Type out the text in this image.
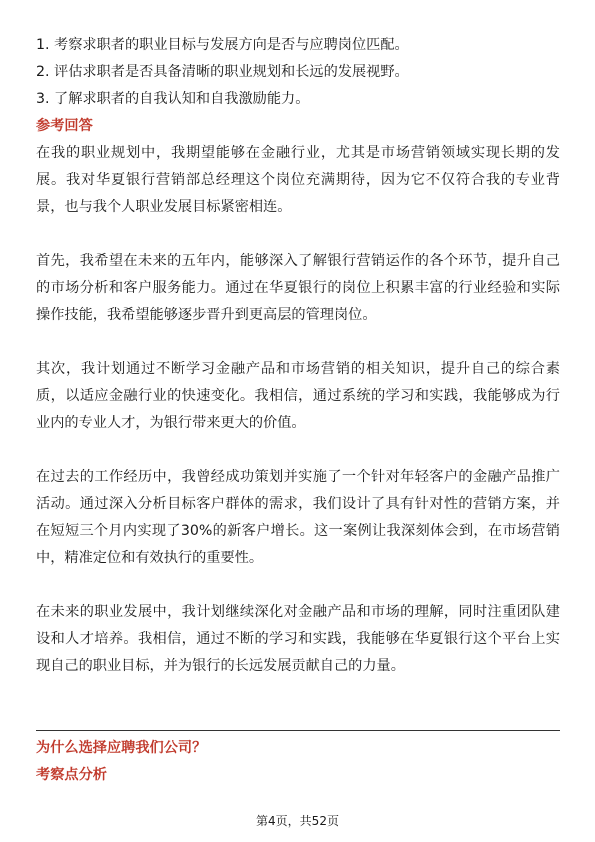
1. 考察求职者的职业目标与发展方向是否与应聘岗位匹配。
2. 评估求职者是否具备清晰的职业规划和长远的发展视野。
3. 了解求职者的自我认知和自我激励能力。
参考回答

在我的职业规划中，我期望能够在金融行业，尤其是市场营销领域实现长期的发展。我对华夏银行营销部总经理这个岗位充满期待，因为它不仅符合我的专业背景，也与我个人职业发展目标紧密相连。

首先，我希望在未来的五年内，能够深入了解银行营销运作的各个环节，提升自己的市场分析和客户服务能力。通过在华夏银行的岗位上积累丰富的行业经验和实际操作技能，我希望能够逐步晋升到更高层的管理岗位。

其次，我计划通过不断学习金融产品和市场营销的相关知识，提升自己的综合素质，以适应金融行业的快速变化。我相信，通过系统的学习和实践，我能够成为行业内的专业人才，为银行带来更大的价值。

在过去的工作经历中，我曾经成功策划并实施了一个针对年轻客户的金融产品推广活动。通过深入分析目标客户群体的需求，我们设计了具有针对性的营销方案，并在短短三个月内实现了30%的新客户增长。这一案例让我深刻体会到，在市场营销中，精准定位和有效执行的重要性。

在未来的职业发展中，我计划继续深化对金融产品和市场的理解，同时注重团队建设和人才培养。我相信，通过不断的学习和实践，我能够在华夏银行这个平台上实现自己的职业目标，并为银行的长远发展贡献自己的力量。

为什么选择应聘我们公司？
考察点分析
第4页，共52页
